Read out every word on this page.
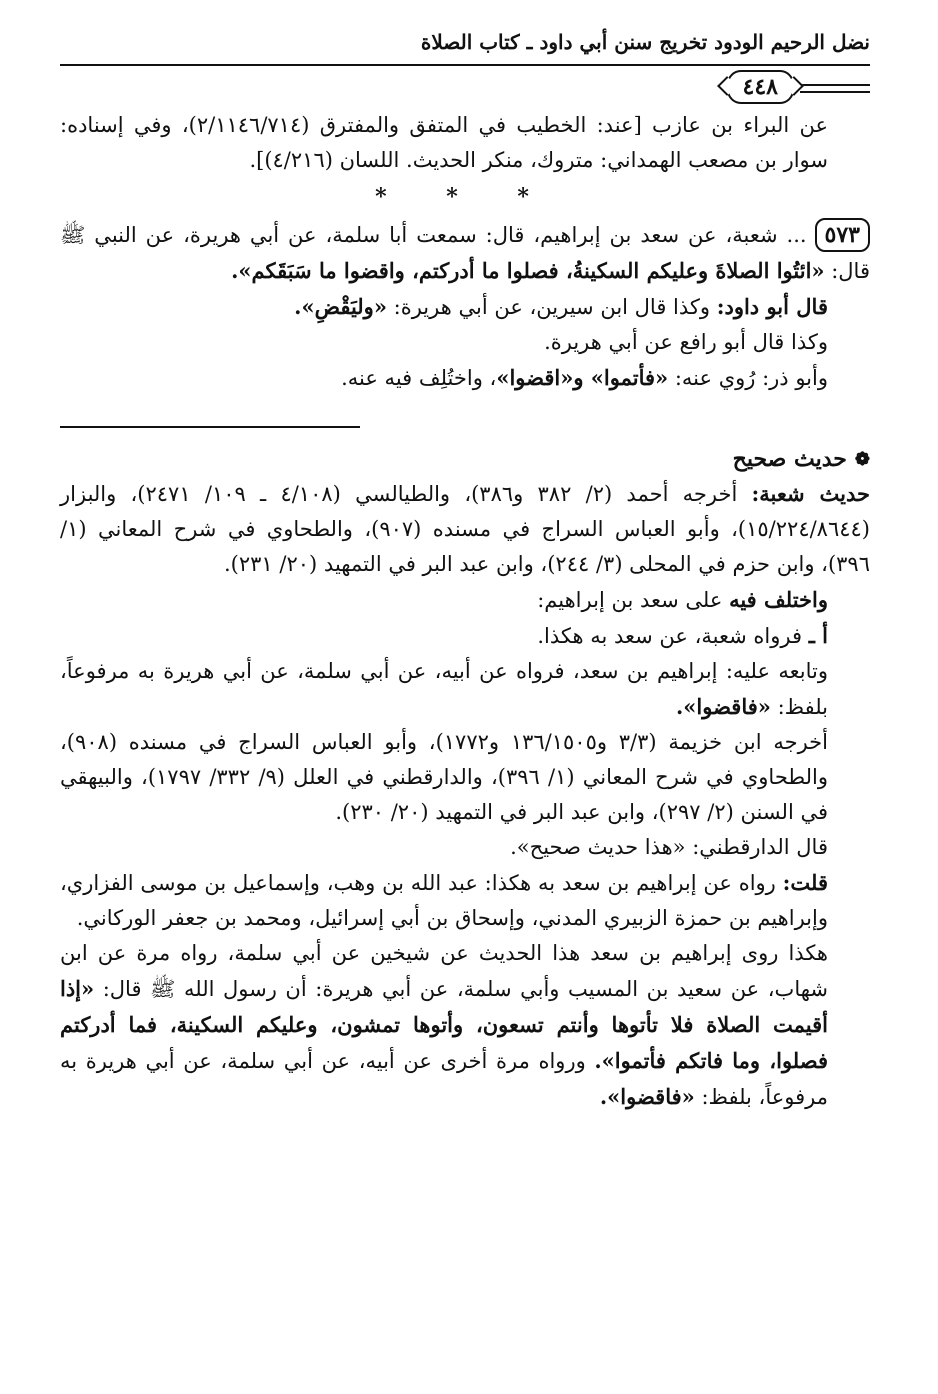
نضل الرحيم الودود تخريج سنن أبي داود ـ كتاب الصلاة
٤٤٨

عن البراء بن عازب [عند: الخطيب في المتفق والمفترق (٢/١١٤٦/٧١٤)، وفي إسناده: سوار بن مصعب الهمداني: متروك، منكر الحديث. اللسان (٤/٢١٦)].

* * *

٥٧٣... شعبة، عن سعد بن إبراهيم، قال: سمعت أبا سلمة، عن أبي هريرة، عن النبي ﷺ قال: «ائتُوا الصلاةَ وعليكم السكينةُ، فصلوا ما أدركتم، واقضوا ما سَبَقَكم».

قال أبو داود: وكذا قال ابن سيرين، عن أبي هريرة: «وليَقْضِ».

وكذا قال أبو رافع عن أبي هريرة.

وأبو ذر: رُوي عنه: «فأتموا» و«اقضوا»، واختُلِف فيه عنه.

❁
حديث صحيح

حديث شعبة: أخرجه أحمد (٢/ ٣٨٢ و٣٨٦)، والطيالسي (٤/١٠٨ ـ ١٠٩/ ٢٤٧١)، والبزار (١٥/٢٢٤/٨٦٤٤)، وأبو العباس السراج في مسنده (٩٠٧)، والطحاوي في شرح المعاني (١/ ٣٩٦)، وابن حزم في المحلى (٣/ ٢٤٤)، وابن عبد البر في التمهيد (٢٠/ ٢٣١).

واختلف فيه على سعد بن إبراهيم:

أ ـ فرواه شعبة، عن سعد به هكذا.

وتابعه عليه: إبراهيم بن سعد، فرواه عن أبيه، عن أبي سلمة، عن أبي هريرة به مرفوعاً، بلفظ: «فاقضوا».

أخرجه ابن خزيمة (٣/٣ و١٣٦/١٥٠٥ و١٧٧٢)، وأبو العباس السراج في مسنده (٩٠٨)، والطحاوي في شرح المعاني (١/ ٣٩٦)، والدارقطني في العلل (٩/ ٣٣٢/ ١٧٩٧)، والبيهقي في السنن (٢/ ٢٩٧)، وابن عبد البر في التمهيد (٢٠/ ٢٣٠).

قال الدارقطني: «هذا حديث صحيح».

قلت: رواه عن إبراهيم بن سعد به هكذا: عبد الله بن وهب، وإسماعيل بن موسى الفزاري، وإبراهيم بن حمزة الزبيري المدني، وإسحاق بن أبي إسرائيل، ومحمد بن جعفر الوركاني.

هكذا روى إبراهيم بن سعد هذا الحديث عن شيخين عن أبي سلمة، رواه مرة عن ابن شهاب، عن سعيد بن المسيب وأبي سلمة، عن أبي هريرة: أن رسول الله ﷺ قال: «إذا أقيمت الصلاة فلا تأتوها وأنتم تسعون، وأتوها تمشون، وعليكم السكينة، فما أدركتم فصلوا، وما فاتكم فأتموا». ورواه مرة أخرى عن أبيه، عن أبي سلمة، عن أبي هريرة به مرفوعاً، بلفظ: «فاقضوا».
